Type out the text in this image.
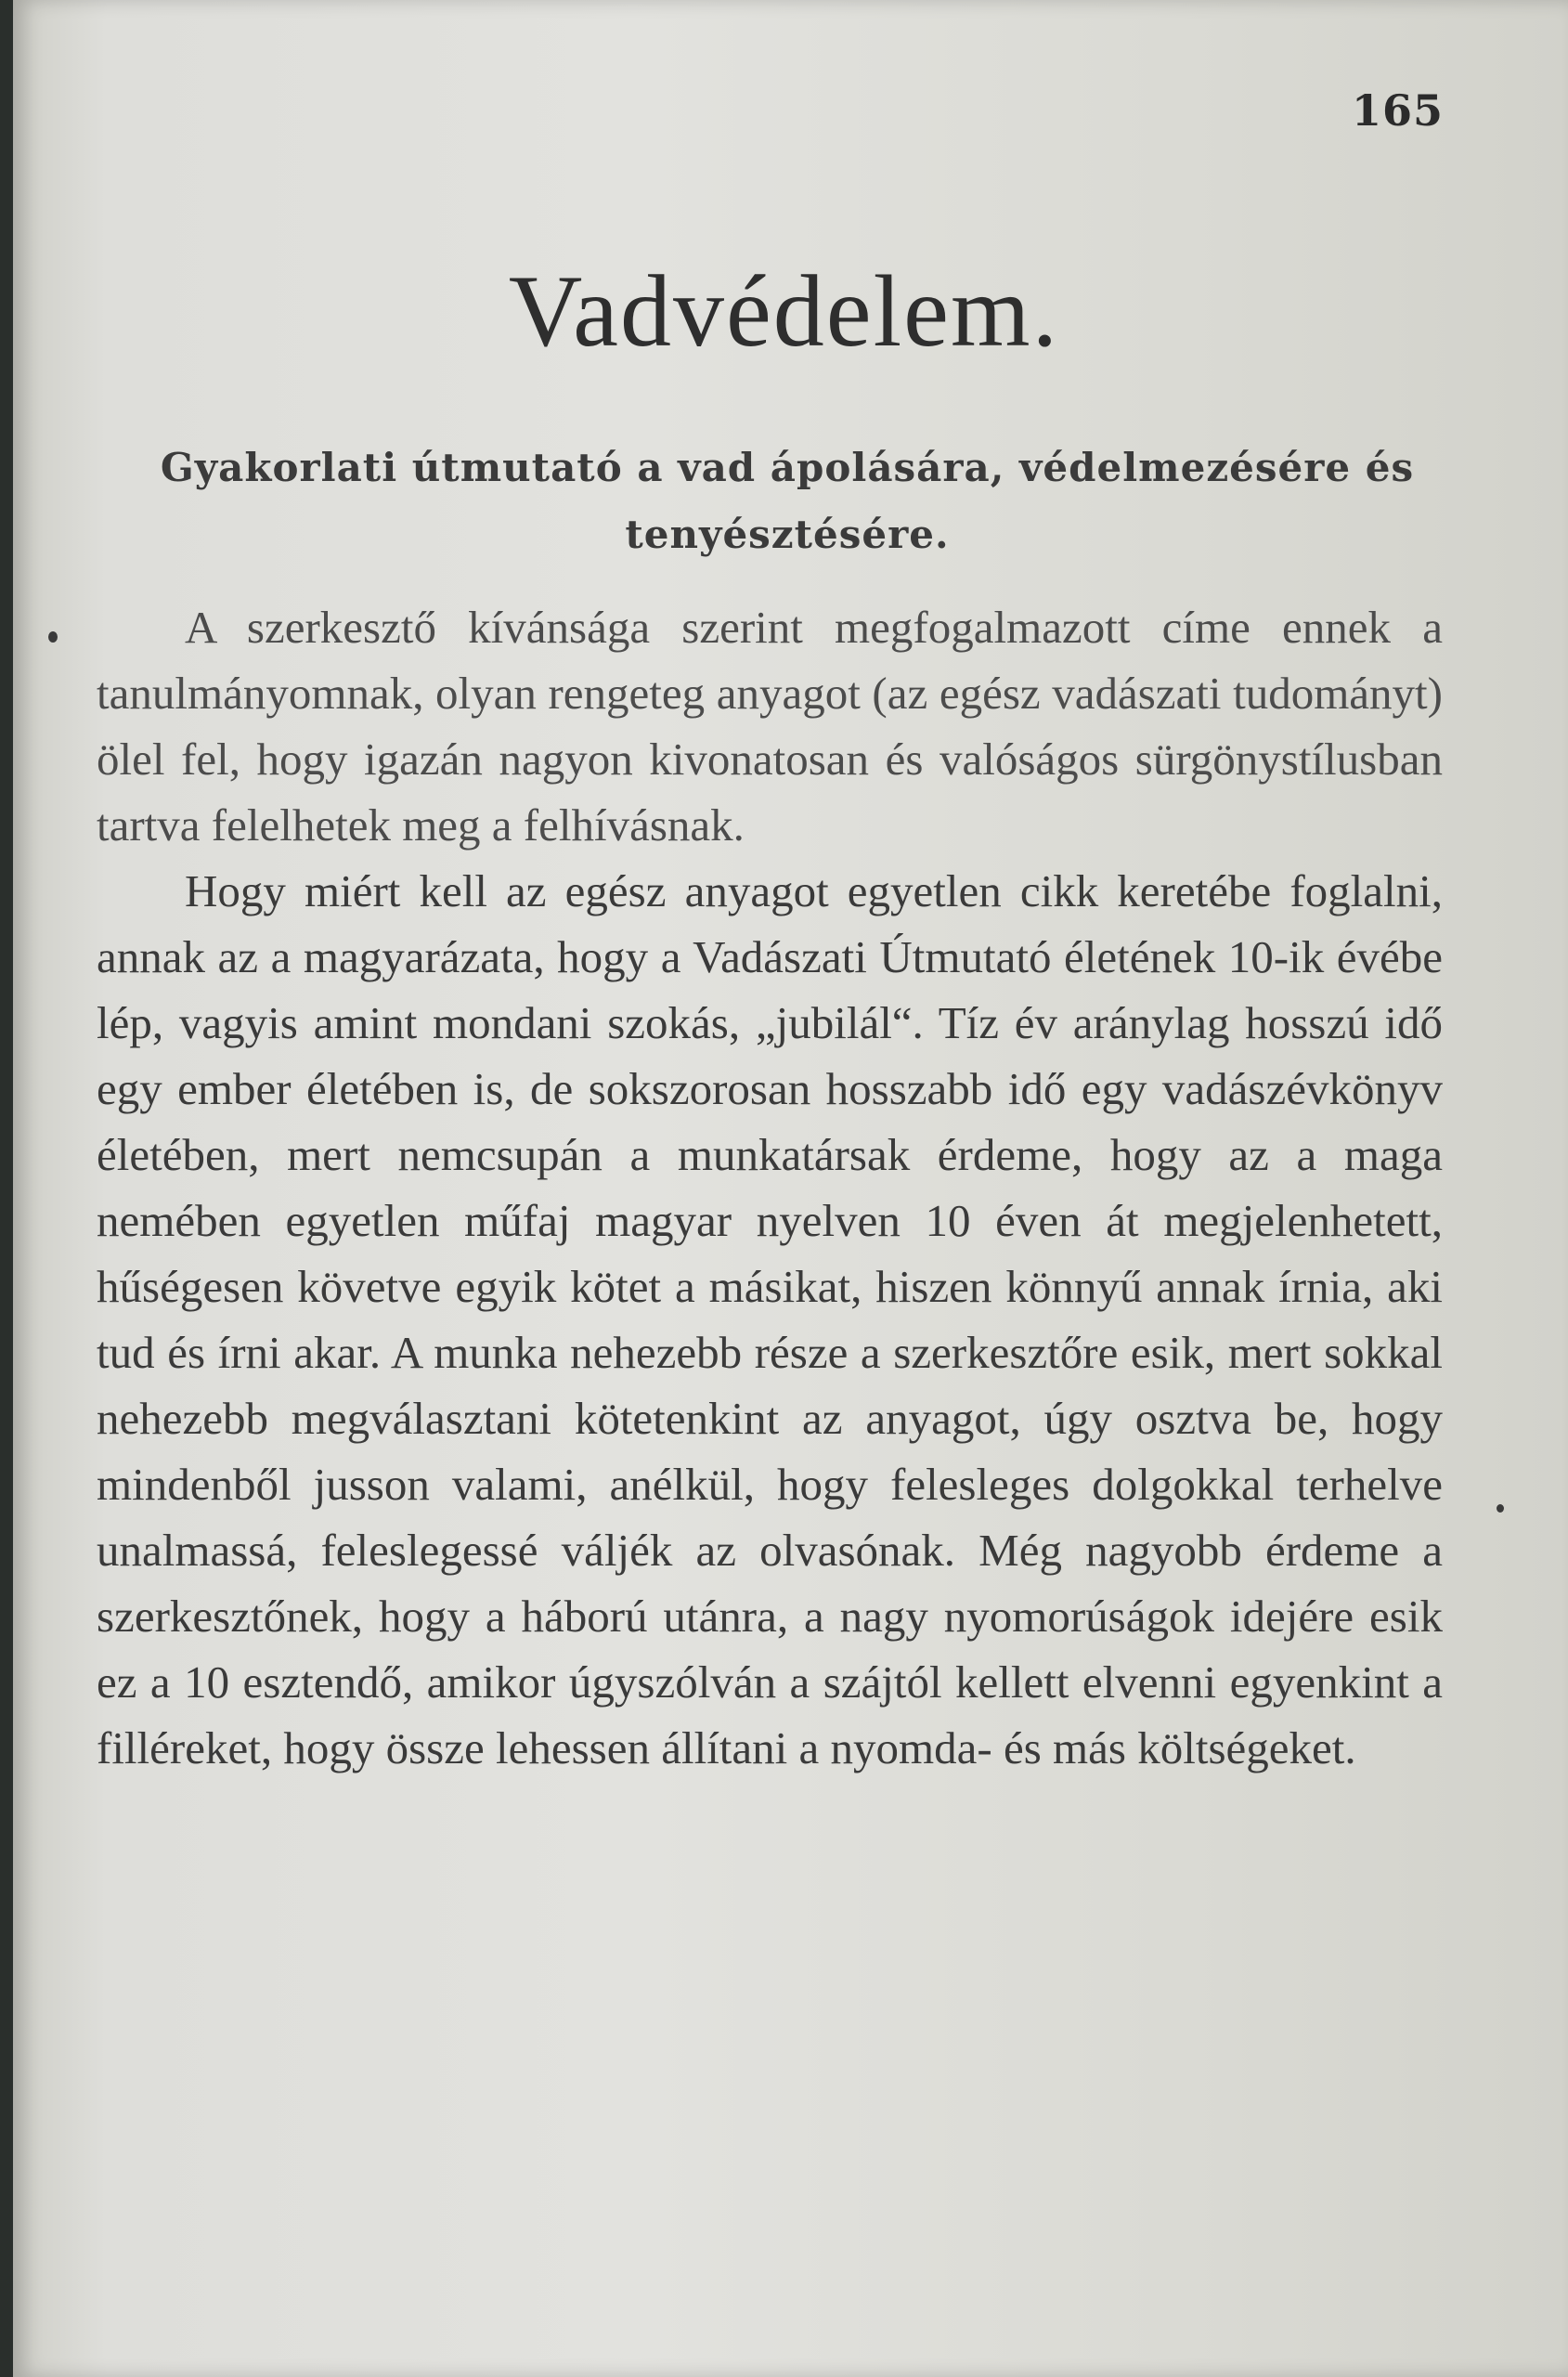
165
Vadvédelem.
Gyakorlati útmutató a vad ápolására, védelmezésére és tenyésztésére.

A szerkesztő kívánsága szerint megfogalmazott címe ennek a tanulmányomnak, olyan rengeteg anyagot (az egész vadászati tudományt) ölel fel, hogy igazán nagyon kivonatosan és valóságos sürgönystílusban tartva felelhetek meg a felhívásnak.

Hogy miért kell az egész anyagot egyetlen cikk keretébe foglalni, annak az a magyarázata, hogy a Vadászati Útmutató életének 10-ik évébe lép, vagyis amint mondani szokás, „jubilál“. Tíz év aránylag hosszú idő egy ember életében is, de sokszorosan hosszabb idő egy vadászévkönyv életében, mert nemcsupán a munkatársak érdeme, hogy az a maga nemében egyetlen műfaj magyar nyelven 10 éven át megjelenhetett, hűségesen követve egyik kötet a másikat, hiszen könnyű annak írnia, aki tud és írni akar. A munka nehezebb része a szerkesztőre esik, mert sokkal nehezebb megválasztani kötetenkint az anyagot, úgy osztva be, hogy mindenből jusson valami, anélkül, hogy felesleges dolgokkal terhelve unalmassá, feleslegessé váljék az olvasónak. Még nagyobb érdeme a szerkesztőnek, hogy a háború utánra, a nagy nyomorúságok idejére esik ez a 10 esztendő, amikor úgyszólván a szájtól kellett elvenni egyenkint a filléreket, hogy össze lehessen állítani a nyomda- és más költségeket.
